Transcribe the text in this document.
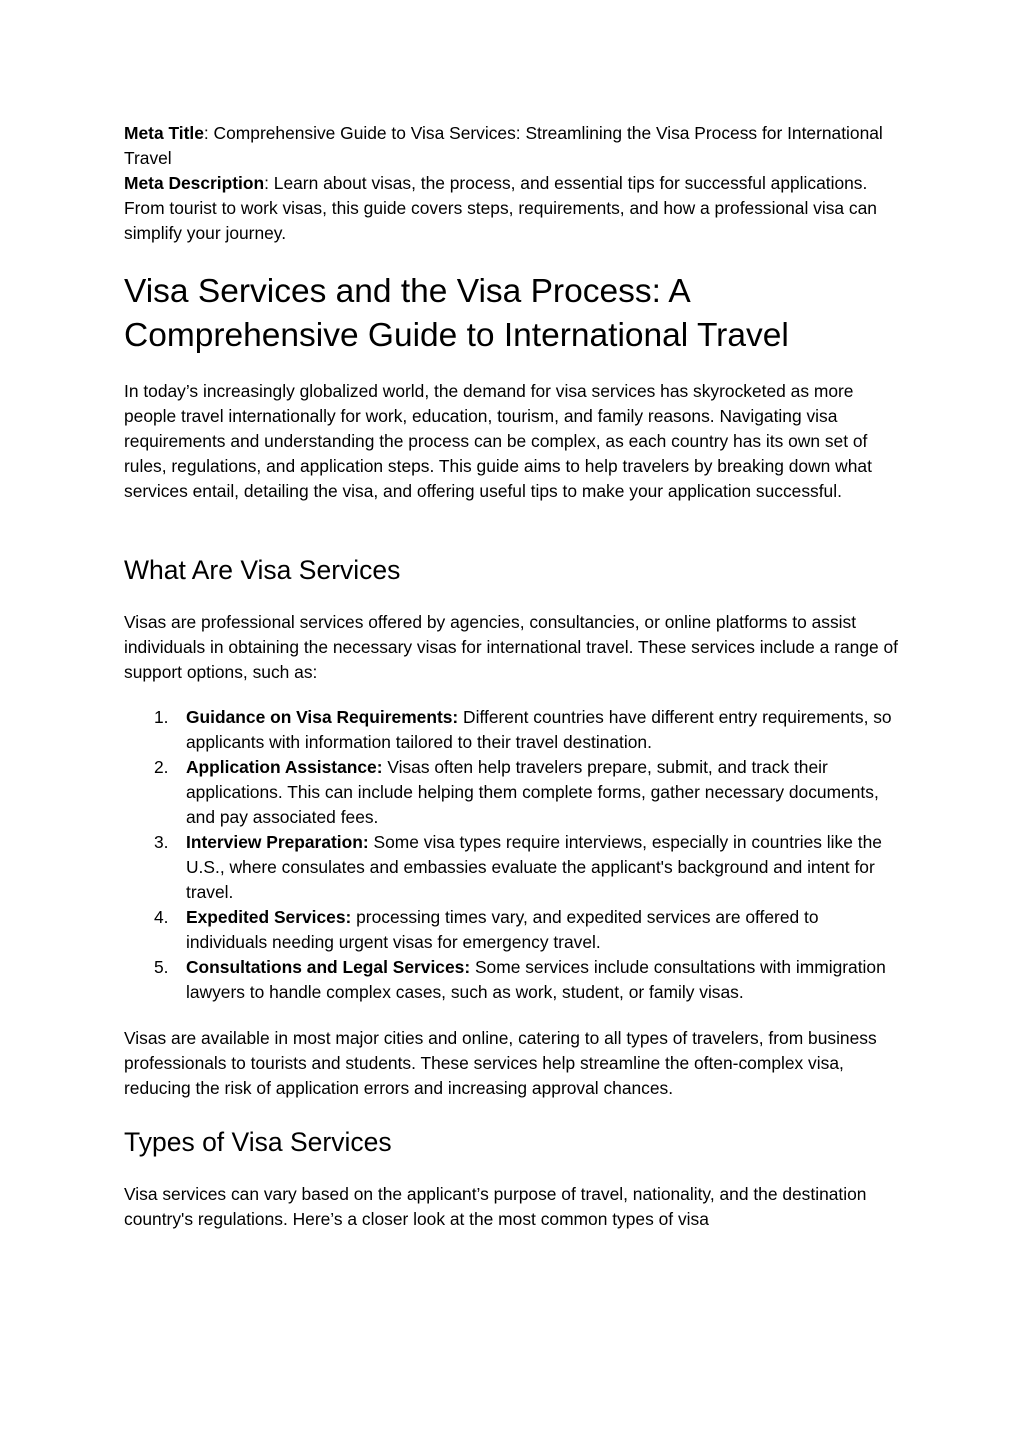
Meta Title: Comprehensive Guide to Visa Services: Streamlining the Visa Process for International Travel

Meta Description: Learn about visas, the process, and essential tips for successful applications. From tourist to work visas, this guide covers steps, requirements, and how a professional visa can simplify your journey.

Visa Services and the Visa Process: A Comprehensive Guide to International Travel

In today’s increasingly globalized world, the demand for visa services has skyrocketed as more people travel internationally for work, education, tourism, and family reasons. Navigating visa requirements and understanding the process can be complex, as each country has its own set of rules, regulations, and application steps. This guide aims to help travelers by breaking down what services entail, detailing the visa, and offering useful tips to make your application successful.

What Are Visa Services

Visas are professional services offered by agencies, consultancies, or online platforms to assist individuals in obtaining the necessary visas for international travel. These services include a range of support options, such as:

1. Guidance on Visa Requirements: Different countries have different entry requirements, so applicants with information tailored to their travel destination.
2. Application Assistance: Visas often help travelers prepare, submit, and track their applications. This can include helping them complete forms, gather necessary documents, and pay associated fees.
3. Interview Preparation: Some visa types require interviews, especially in countries like the U.S., where consulates and embassies evaluate the applicant's background and intent for travel.
4. Expedited Services: processing times vary, and expedited services are offered to individuals needing urgent visas for emergency travel.
5. Consultations and Legal Services: Some services include consultations with immigration lawyers to handle complex cases, such as work, student, or family visas.

Visas are available in most major cities and online, catering to all types of travelers, from business professionals to tourists and students. These services help streamline the often-complex visa, reducing the risk of application errors and increasing approval chances.

Types of Visa Services

Visa services can vary based on the applicant’s purpose of travel, nationality, and the destination country's regulations. Here’s a closer look at the most common types of visa
